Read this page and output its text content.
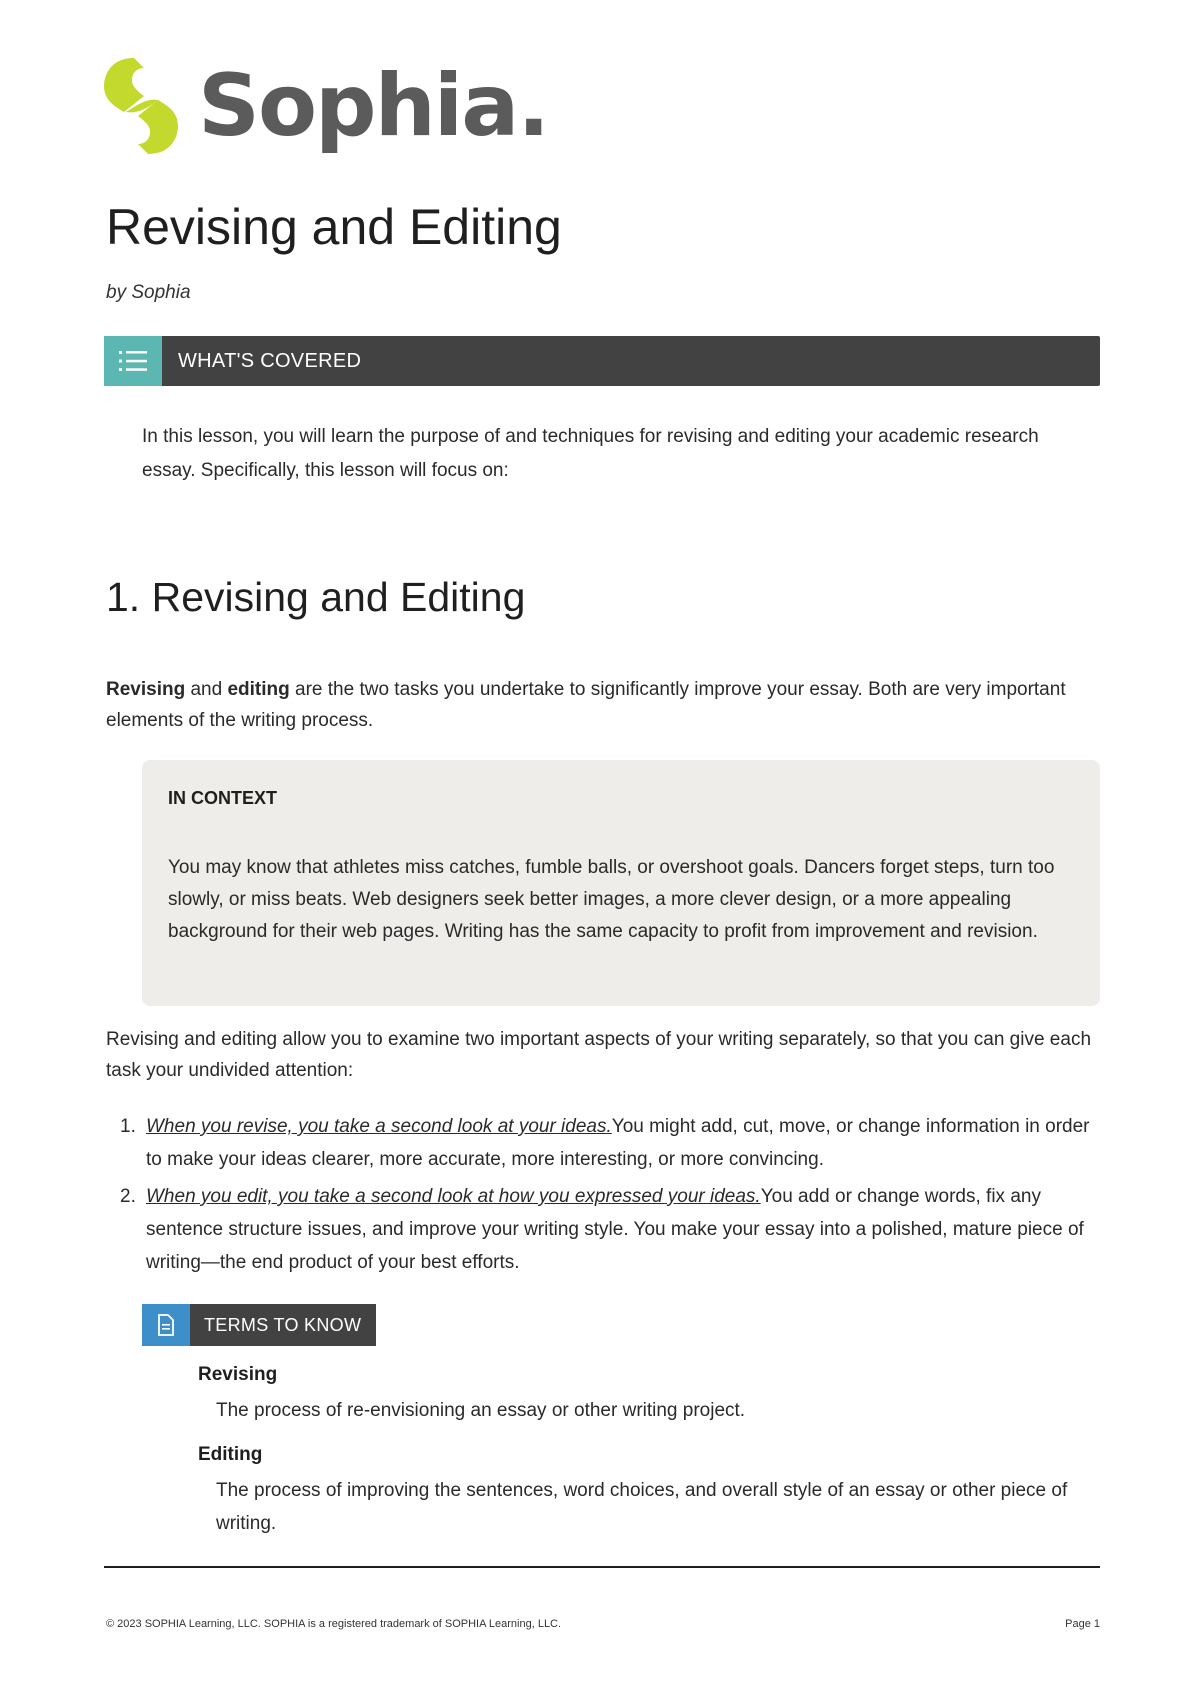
Sophia.
Revising and Editing
by Sophia
WHAT'S COVERED

In this lesson, you will learn the purpose of and techniques for revising and editing your academic research essay. Specifically, this lesson will focus on:

1. Revising and Editing

Revising and editing are the two tasks you undertake to significantly improve your essay. Both are very important elements of the writing process.

IN CONTEXT

You may know that athletes miss catches, fumble balls, or overshoot goals. Dancers forget steps, turn too slowly, or miss beats. Web designers seek better images, a more clever design, or a more appealing background for their web pages. Writing has the same capacity to profit from improvement and revision.

Revising and editing allow you to examine two important aspects of your writing separately, so that you can give each task your undivided attention:

1. When you revise, you take a second look at your ideas.You might add, cut, move, or change information in order to make your ideas clearer, more accurate, more interesting, or more convincing.
2. When you edit, you take a second look at how you expressed your ideas.You add or change words, fix any sentence structure issues, and improve your writing style. You make your essay into a polished, mature piece of writing—the end product of your best efforts.
TERMS TO KNOW
Revising
The process of re-envisioning an essay or other writing project.
Editing
The process of improving the sentences, word choices, and overall style of an essay or other piece of writing.
© 2023 SOPHIA Learning, LLC. SOPHIA is a registered trademark of SOPHIA Learning, LLC.	Page 1
